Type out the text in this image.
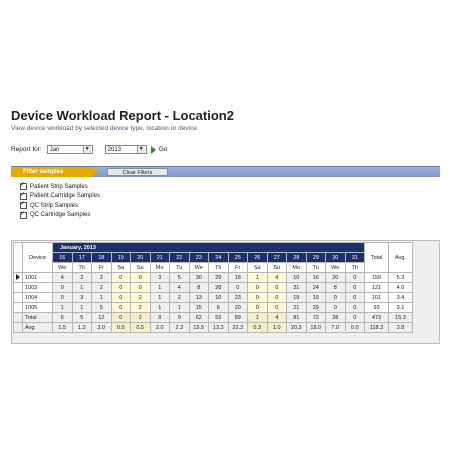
Device Workload Report - Location2
View device workload by selected device type, location or device.
Report for: Jan	▼	2013	▼ Go
Filter samples	Clear Filters
✓
Patient Strip Samples
✓
Patient Cartridge Samples
✓
QC Strip Samples
✓
QC Cartridge Samples
	Device	January, 2013																Total	Avg.
		16	17	18	19	20	21	22	23	24	25	26	27	28	29	30	31		
		We	Th	Fr	Sa	Su	Mo	Tu	We	Th	Fr	Sa	Su	Mo	Tu	We	Th		
	1001	4	2	2	0	0	3	5	30	29	18	1	4	10	16	20	0	159	5.3
	1003	0	1	2	0	0	1	4	8	28	0	0	0	31	24	8	0	121	4.0
	1004	0	3	1	0	2	1	2	13	10	23	0	0	19	19	0	0	101	3.4
	1005	1	1	5	0	2	1	1	15	6	20	0	0	21	29	0	0	93	3.1
	Total	6	5	12	0	2	8	9	62	53	89	1	4	81	72	28	0	473	15.3
	Avg.	1.5	1.3	3.0	0.0	0.5	2.0	2.3	15.5	13.3	22.3	0.3	1.0	20.3	18.0	7.0	0.0	118.3	3.8
